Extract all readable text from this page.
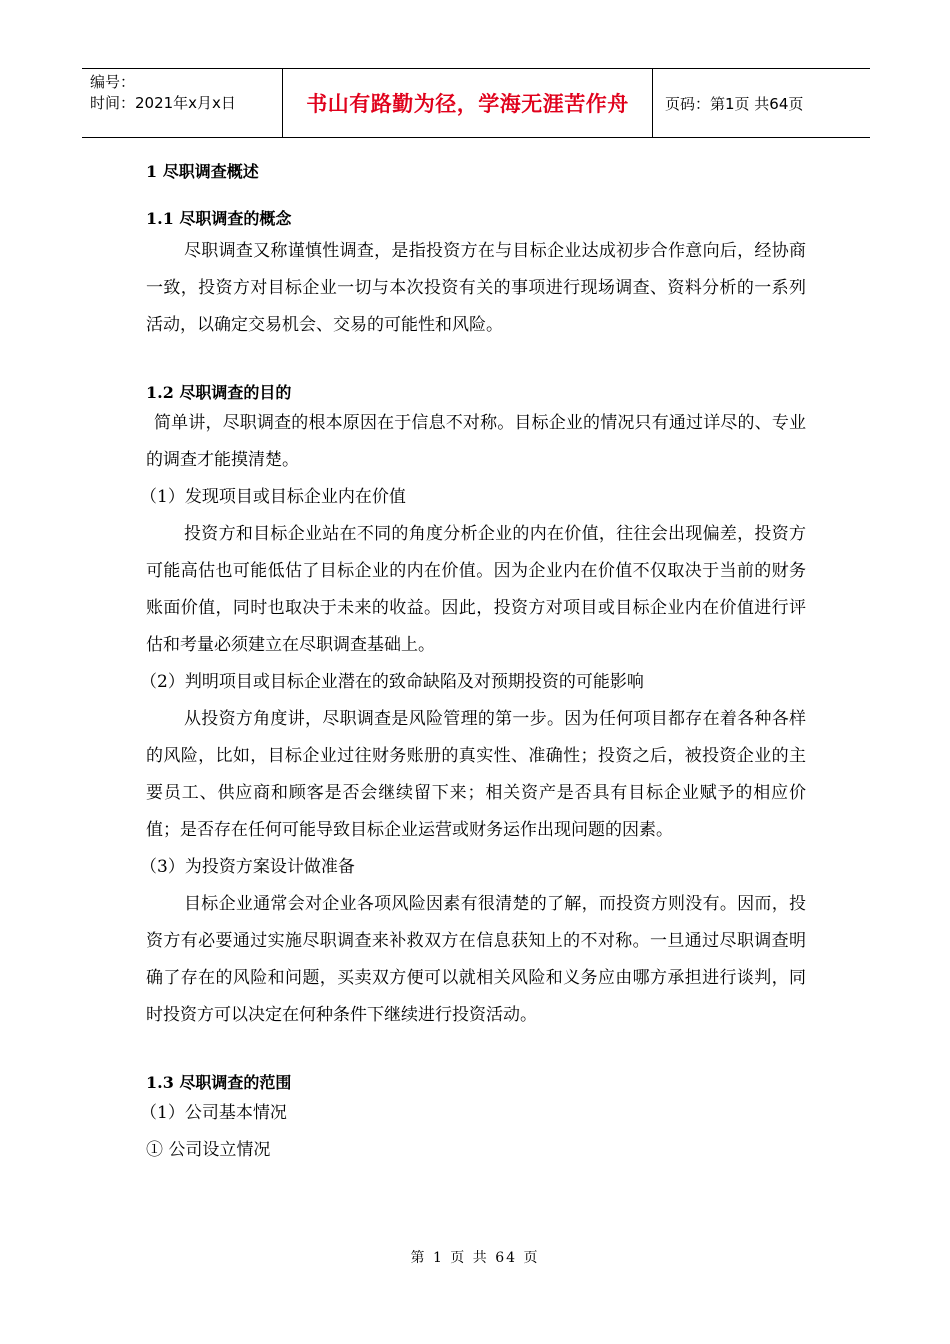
编号：
时间：2021年x月x日	书山有路勤为径，学海无涯苦作舟	页码：第1页 共64页

1 尽职调查概述

1.1 尽职调查的概念

尽职调查又称谨慎性调查，是指投资方在与目标企业达成初步合作意向后，经协商一致，投资方对目标企业一切与本次投资有关的事项进行现场调查、资料分析的一系列活动，以确定交易机会、交易的可能性和风险。

1.2 尽职调查的目的

简单讲，尽职调查的根本原因在于信息不对称。目标企业的情况只有通过详尽的、专业的调查才能摸清楚。

（1）发现项目或目标企业内在价值

投资方和目标企业站在不同的角度分析企业的内在价值，往往会出现偏差，投资方可能高估也可能低估了目标企业的内在价值。因为企业内在价值不仅取决于当前的财务账面价值，同时也取决于未来的收益。因此，投资方对项目或目标企业内在价值进行评估和考量必须建立在尽职调查基础上。

（2）判明项目或目标企业潜在的致命缺陷及对预期投资的可能影响

从投资方角度讲，尽职调查是风险管理的第一步。因为任何项目都存在着各种各样的风险，比如，目标企业过往财务账册的真实性、准确性；投资之后，被投资企业的主要员工、供应商和顾客是否会继续留下来；相关资产是否具有目标企业赋予的相应价值；是否存在任何可能导致目标企业运营或财务运作出现问题的因素。

（3）为投资方案设计做准备

目标企业通常会对企业各项风险因素有很清楚的了解，而投资方则没有。因而，投资方有必要通过实施尽职调查来补救双方在信息获知上的不对称。一旦通过尽职调查明确了存在的风险和问题，买卖双方便可以就相关风险和义务应由哪方承担进行谈判，同时投资方可以决定在何种条件下继续进行投资活动。

1.3 尽职调查的范围

（1）公司基本情况

① 公司设立情况

第 1 页 共 64 页
